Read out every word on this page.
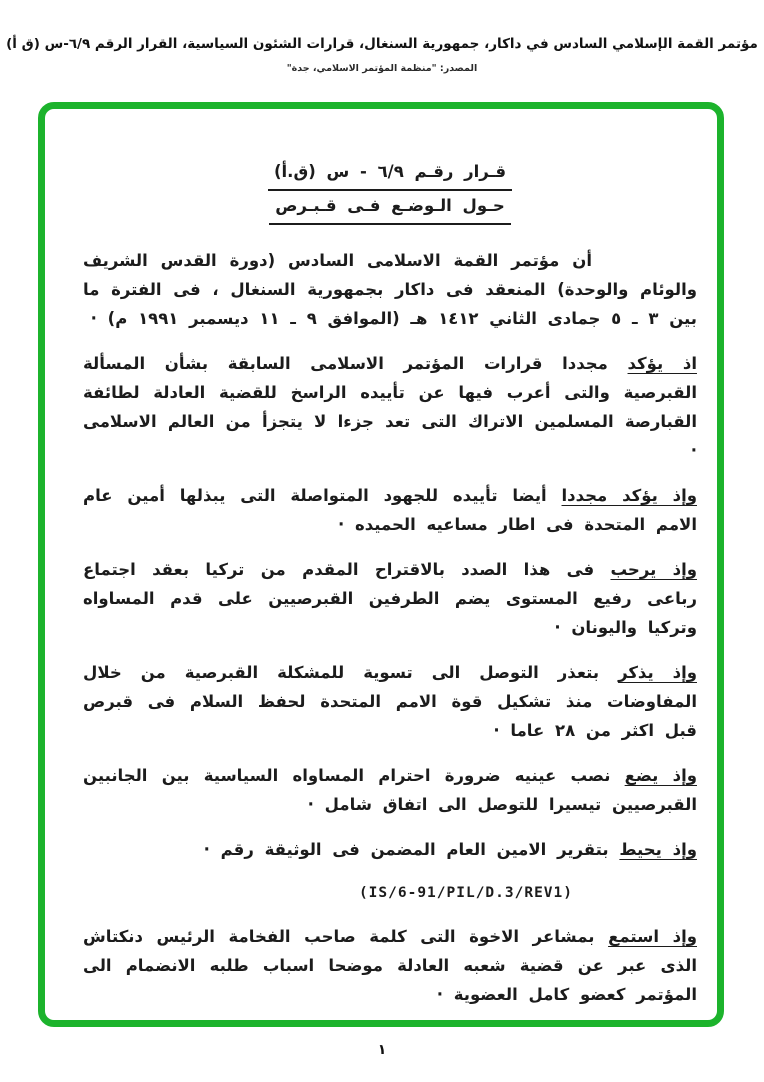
مؤتمر القمة الإسلامي السادس في داكار، جمهورية السنغال، قرارات الشئون السياسية، القرار الرقم ٦/٩-س (ق أ)
المصدر: "منظمة المؤتمر الاسلامي، جدة"
قـرار رقـم ٦/٩ - س (ق.أ)
حـول الـوضـع فـى قـبـرص
أن مؤتمر القمة الاسلامى السادس (دورة القدس الشريف والوئام والوحدة) المنعقد فى داكار بجمهورية السنغال ، فى الفترة ما بين ٣ ـ ٥ جمادى الثاني ١٤١٢ هـ (الموافق ٩ ـ ١١ ديسمبر ١٩٩١ م) ·
اذ يؤكد مجددا قرارات المؤتمر الاسلامى السابقة بشأن المسألة القبرصية والتى أعرب فيها عن تأييده الراسخ للقضية العادلة لطائفة القبارصة المسلمين الاتراك التى تعد جزءا لا يتجزأ من العالم الاسلامى ·
وإذ يؤكد مجددا أيضا تأييده للجهود المتواصلة التى يبذلها أمين عام الامم المتحدة فى اطار مساعيه الحميده ·
وإذ يرحب فى هذا الصدد بالاقتراح المقدم من تركيا بعقد اجتماع رباعى رفيع المستوى يضم الطرفين القبرصيين على قدم المساواه وتركيا واليونان ·
وإذ يذكر بتعذر التوصل الى تسوية للمشكلة القبرصية من خلال المفاوضات منذ تشكيل قوة الامم المتحدة لحفظ السلام فى قبرص قبل اكثر من ٢٨ عاما ·
وإذ يضع نصب عينيه ضرورة احترام المساواه السياسية بين الجانبين القبرصيين تيسيرا للتوصل الى اتفاق شامل ·
وإذ يحيط بتقرير الامين العام المضمن فى الوثيقة رقم ·
(IS/6-91/PIL/D.3/REV1)
وإذ استمع بمشاعر الاخوة التى كلمة صاحب الفخامة الرئيس دنكتاش الذى عبر عن قضية شعبه العادلة موضحا اسباب طلبه الانضمام الى المؤتمر كعضو كامل العضوية ·
١
